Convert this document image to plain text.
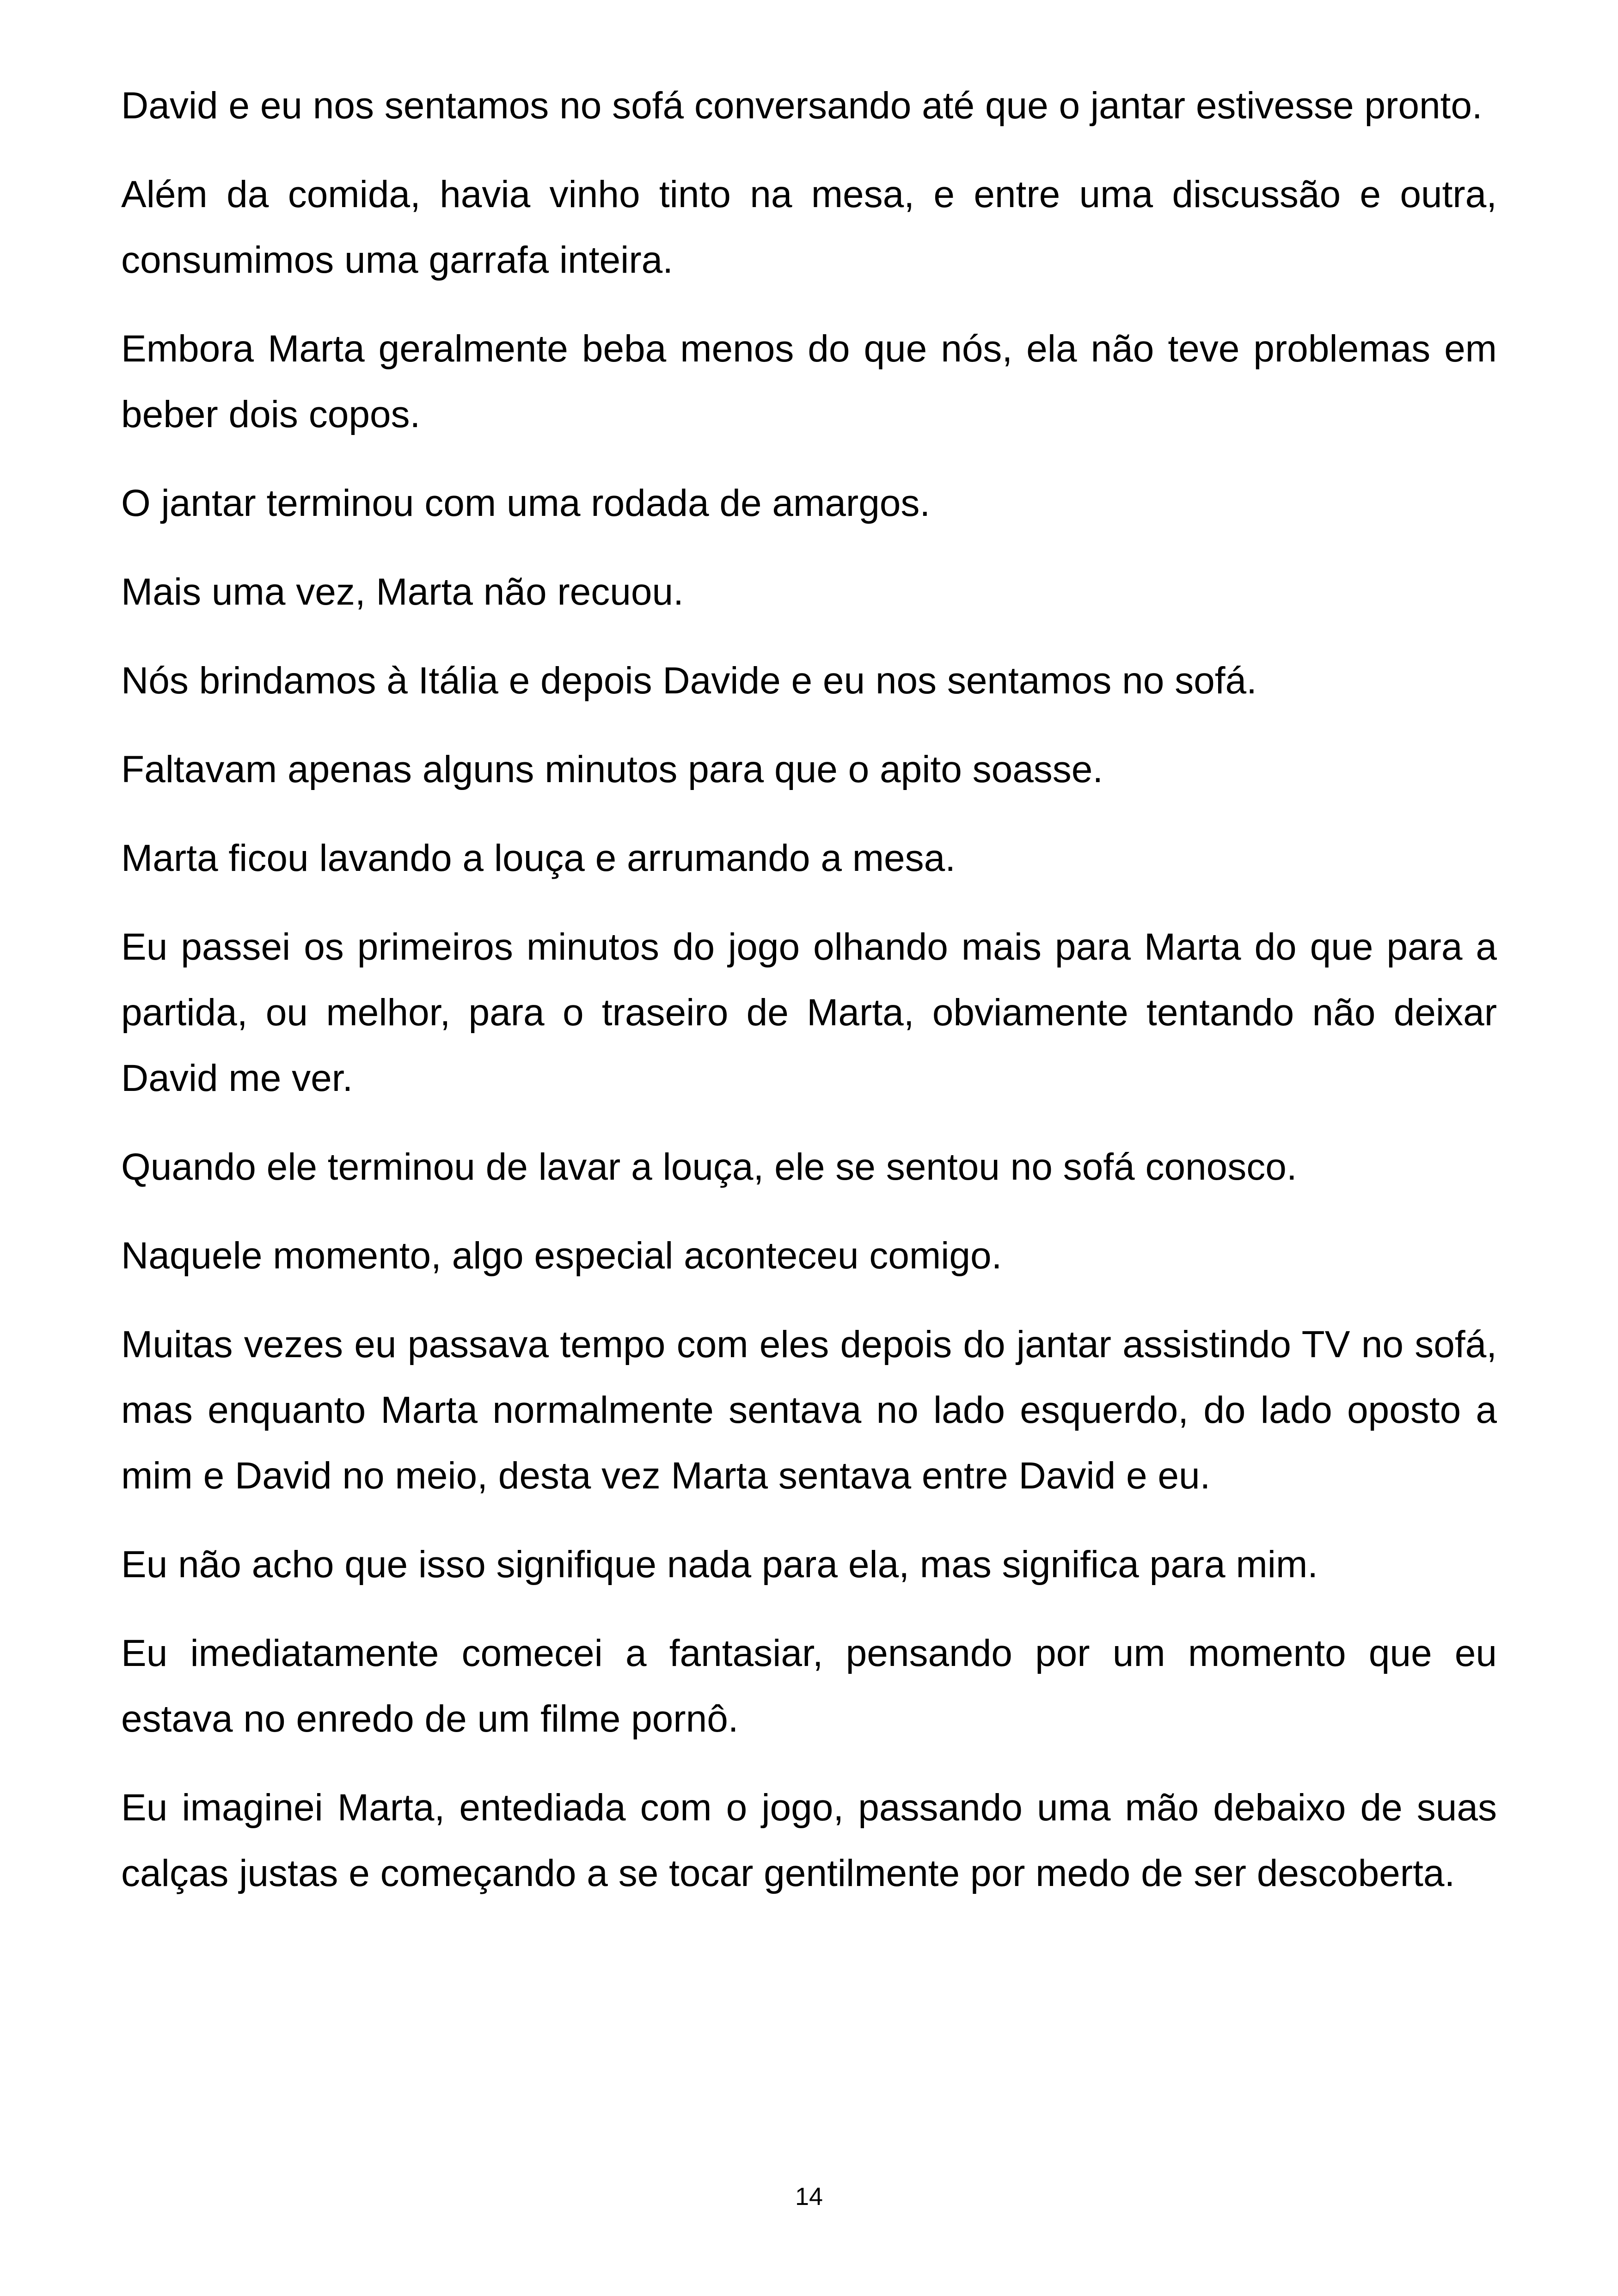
David e eu nos sentamos no sofá conversando até que o jantar estivesse pronto.

Além da comida, havia vinho tinto na mesa, e entre uma discussão e outra, consumimos uma garrafa inteira.

Embora Marta geralmente beba menos do que nós, ela não teve problemas em beber dois copos.

O jantar terminou com uma rodada de amargos.

Mais uma vez, Marta não recuou.

Nós brindamos à Itália e depois Davide e eu nos sentamos no sofá.

Faltavam apenas alguns minutos para que o apito soasse.

Marta ficou lavando a louça e arrumando a mesa.

Eu passei os primeiros minutos do jogo olhando mais para Marta do que para a partida, ou melhor, para o traseiro de Marta, obviamente tentando não deixar David me ver.

Quando ele terminou de lavar a louça, ele se sentou no sofá conosco.

Naquele momento, algo especial aconteceu comigo.

Muitas vezes eu passava tempo com eles depois do jantar assistindo TV no sofá, mas enquanto Marta normalmente sentava no lado esquerdo, do lado oposto a mim e David no meio, desta vez Marta sentava entre David e eu.

Eu não acho que isso signifique nada para ela, mas significa para mim.

Eu imediatamente comecei a fantasiar, pensando por um momento que eu estava no enredo de um filme pornô.

Eu imaginei Marta, entediada com o jogo, passando uma mão debaixo de suas calças justas e começando a se tocar gentilmente por medo de ser descoberta.

14
